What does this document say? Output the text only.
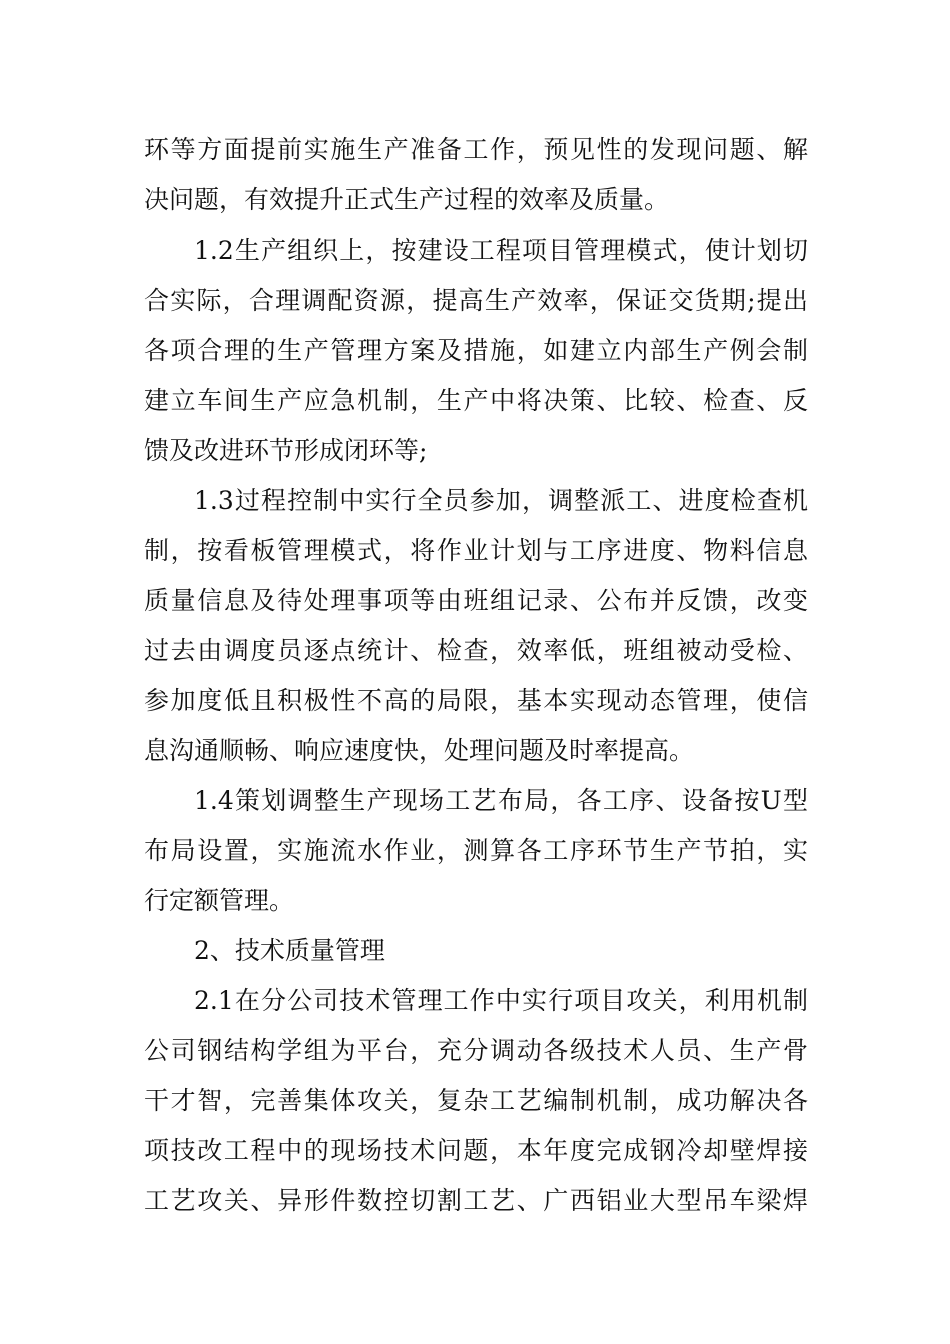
环等方面提前实施生产准备工作，预见性的发现问题、解
决问题，有效提升正式生产过程的效率及质量。
1.2生产组织上，按建设工程项目管理模式，使计划切
合实际，合理调配资源，提高生产效率，保证交货期;提出
各项合理的生产管理方案及措施，如建立内部生产例会制
建立车间生产应急机制，生产中将决策、比较、检查、反
馈及改进环节形成闭环等;
1.3过程控制中实行全员参加，调整派工、进度检查机
制，按看板管理模式，将作业计划与工序进度、物料信息
质量信息及待处理事项等由班组记录、公布并反馈，改变
过去由调度员逐点统计、检查，效率低，班组被动受检、
参加度低且积极性不高的局限，基本实现动态管理，使信
息沟通顺畅、响应速度快，处理问题及时率提高。
1.4策划调整生产现场工艺布局，各工序、设备按U型
布局设置，实施流水作业，测算各工序环节生产节拍，实
行定额管理。
2、技术质量管理
2.1在分公司技术管理工作中实行项目攻关，利用机制
公司钢结构学组为平台，充分调动各级技术人员、生产骨
干才智，完善集体攻关，复杂工艺编制机制，成功解决各
项技改工程中的现场技术问题，本年度完成钢冷却壁焊接
工艺攻关、异形件数控切割工艺、广西铝业大型吊车梁焊
